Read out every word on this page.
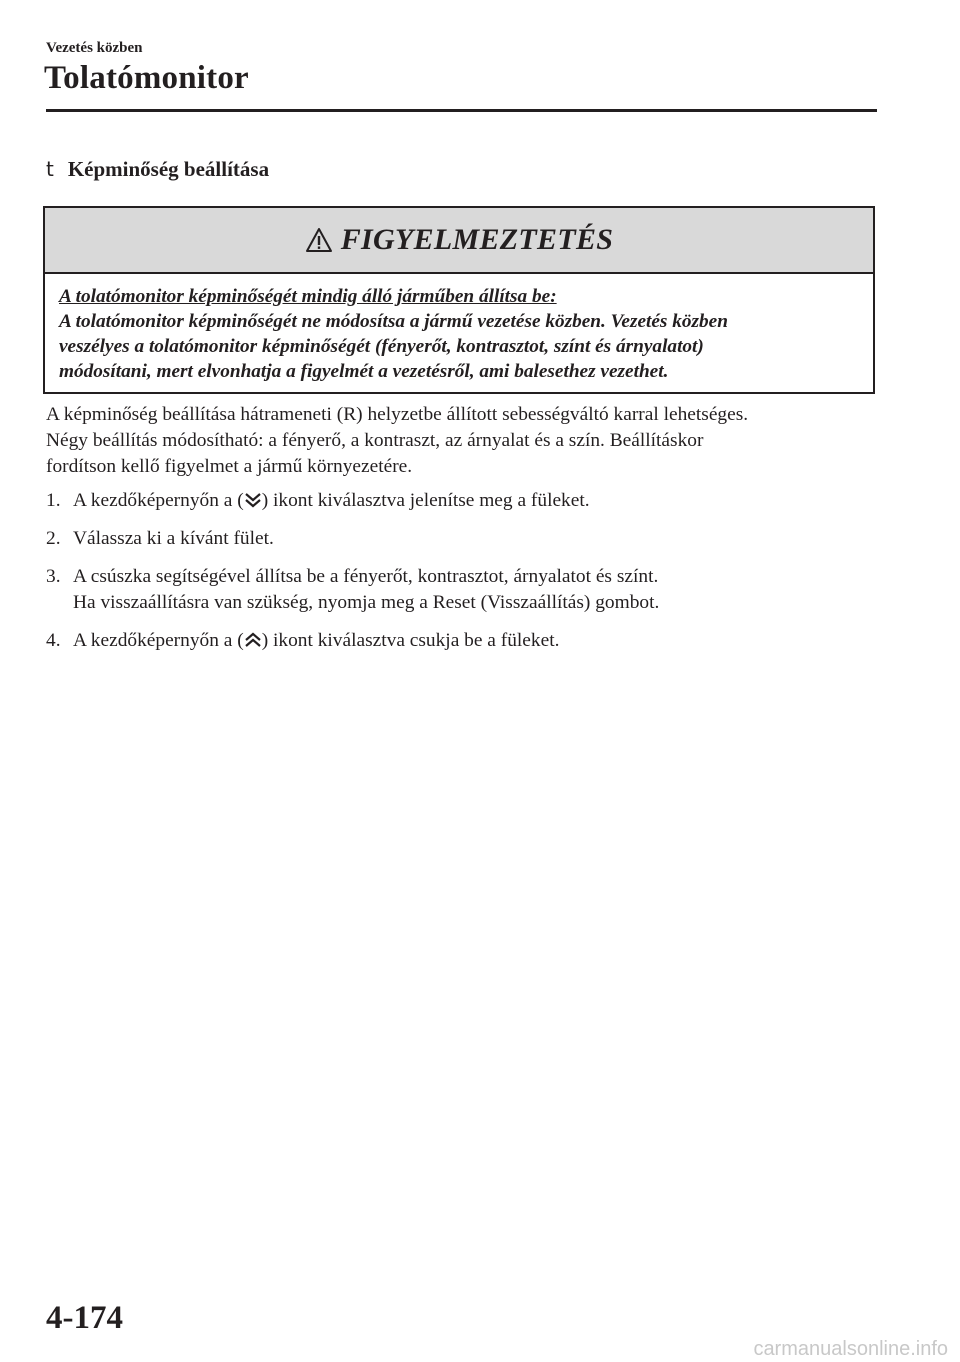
Vezetés közben
Tolatómonitor
t Képminőség beállítása
FIGYELMEZTETÉS
A tolatómonitor képminőségét mindig álló járműben állítsa be:
A tolatómonitor képminőségét ne módosítsa a jármű vezetése közben. Vezetés közben
veszélyes a tolatómonitor képminőségét (fényerőt, kontrasztot, színt és árnyalatot)
módosítani, mert elvonhatja a figyelmét a vezetésről, ami balesethez vezethet.
A képminőség beállítása hátrameneti (R) helyzetbe állított sebességváltó karral lehetséges.
Négy beállítás módosítható: a fényerő, a kontraszt, az árnyalat és a szín. Beállításkor
fordítson kellő figyelmet a jármű környezetére.
1. A kezdőképernyőn a ( ) ikont kiválasztva jelenítse meg a füleket.
2. Válassza ki a kívánt fület.
3. A csúszka segítségével állítsa be a fényerőt, kontrasztot, árnyalatot és színt.
Ha visszaállításra van szükség, nyomja meg a Reset (Visszaállítás) gombot.
4. A kezdőképernyőn a ( ) ikont kiválasztva csukja be a füleket.
4-174
carmanualsonline.info
